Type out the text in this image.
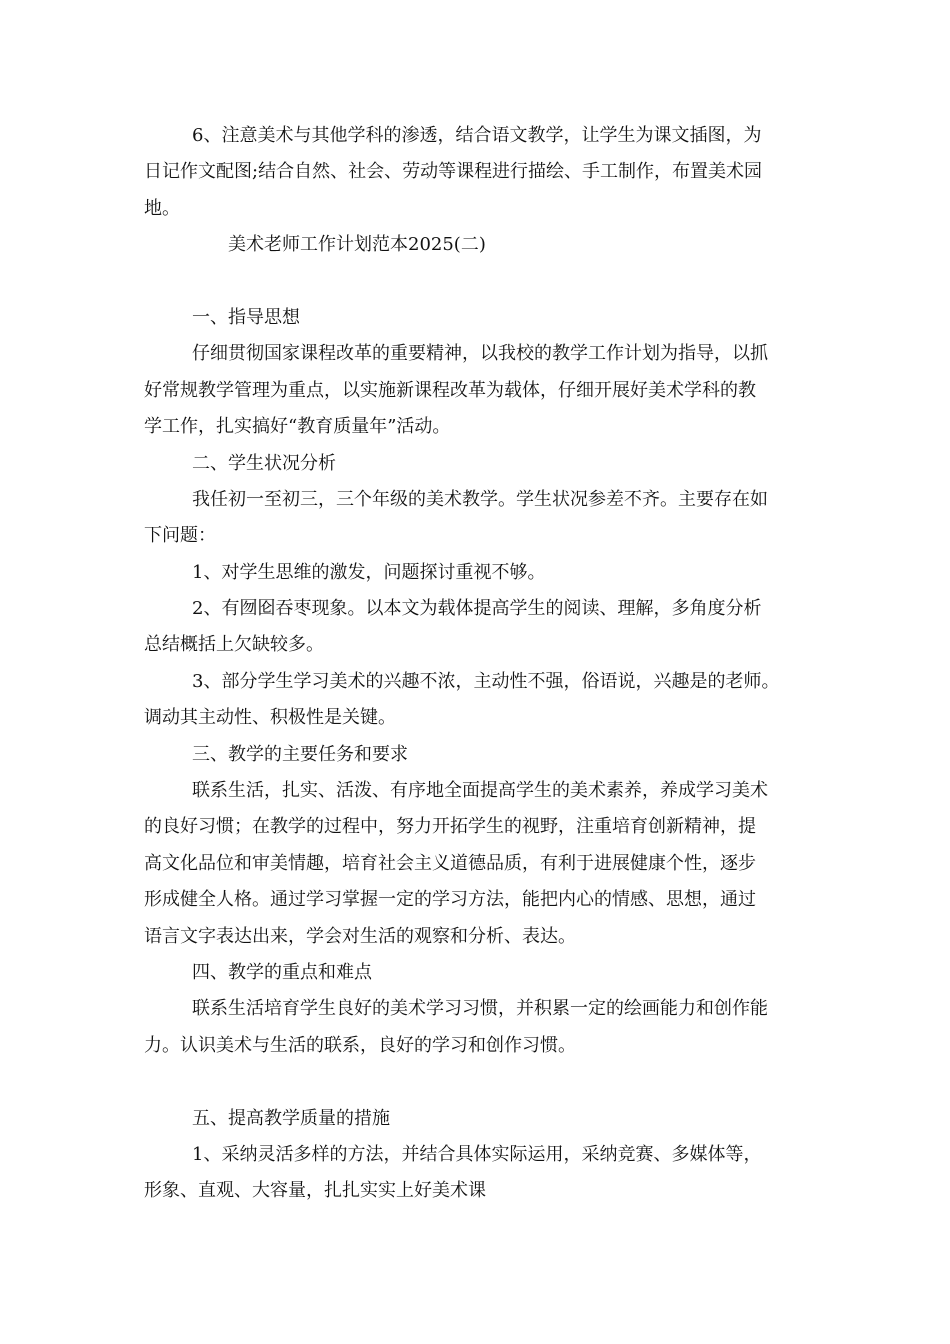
6、注意美术与其他学科的渗透，结合语文教学，让学生为课文插图，为
日记作文配图;结合自然、社会、劳动等课程进行描绘、手工制作，布置美术园
地。
美术老师工作计划范本2025(二)
一、指导思想
仔细贯彻国家课程改革的重要精神，以我校的教学工作计划为指导，以抓
好常规教学管理为重点，以实施新课程改革为载体，仔细开展好美术学科的教
学工作，扎实搞好“教育质量年”活动。
二、学生状况分析
我任初一至初三，三个年级的美术教学。学生状况参差不齐。主要存在如
下问题：
1、对学生思维的激发，问题探讨重视不够。
2、有囫囵吞枣现象。以本文为载体提高学生的阅读、理解，多角度分析
总结概括上欠缺较多。
3、部分学生学习美术的兴趣不浓，主动性不强，俗语说，兴趣是的老师。
调动其主动性、积极性是关键。
三、教学的主要任务和要求
联系生活，扎实、活泼、有序地全面提高学生的美术素养，养成学习美术
的良好习惯；在教学的过程中，努力开拓学生的视野，注重培育创新精神，提
高文化品位和审美情趣，培育社会主义道德品质，有利于进展健康个性，逐步
形成健全人格。通过学习掌握一定的学习方法，能把内心的情感、思想，通过
语言文字表达出来，学会对生活的观察和分析、表达。
四、教学的重点和难点
联系生活培育学生良好的美术学习习惯，并积累一定的绘画能力和创作能
力。认识美术与生活的联系，良好的学习和创作习惯。
五、提高教学质量的措施
1、采纳灵活多样的方法，并结合具体实际运用，采纳竞赛、多媒体等，
形象、直观、大容量，扎扎实实上好美术课
